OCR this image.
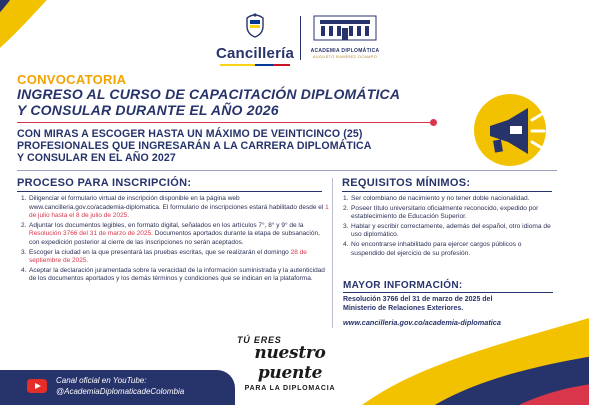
Cancillería	ACADEMIA DIPLOMÁTICA
AUGUSTO RAMÍREZ OCAMPO
CONVOCATORIA
INGRESO AL CURSO DE CAPACITACIÓN DIPLOMÁTICA
Y CONSULAR DURANTE EL AÑO 2026
CON MIRAS A ESCOGER HASTA UN MÁXIMO DE VEINTICINCO (25)
PROFESIONALES QUE INGRESARÁN A LA CARRERA DIPLOMÁTICA
Y CONSULAR EN EL AÑO 2027
PROCESO PARA INSCRIPCIÓN:	REQUISITOS MÍNIMOS:
1. Diligenciar el formulario virtual de inscripción disponible en la página web www.cancilleria.gov.co/academia-diplomatica. El formulario de inscripciones estará habilitado desde el 1 de julio hasta el 8 de julio de 2025.
2. Adjuntar los documentos legibles, en formato digital, señalados en los artículos 7°, 8° y 9° de la Resolución 3766 del 31 de marzo de 2025. Documentos aportados durante la etapa de subsanación, con expedición posterior al cierre de las inscripciones no serán aceptados.
3. Escoger la ciudad en la que presentará las pruebas escritas, que se realizarán el domingo 28 de septiembre de 2025.
4. Aceptar la declaración juramentada sobre la veracidad de la información suministrada y la autenticidad de los documentos aportados y los demás términos y condiciones que se indican en la plataforma.
1. Ser colombiano de nacimiento y no tener doble nacionalidad.
2. Poseer título universitario oficialmente reconocido, expedido por establecimiento de Educación Superior.
3. Hablar y escribir correctamente, además del español, otro idioma de uso diplomático.
4. No encontrarse inhabilitado para ejercer cargos públicos o suspendido del ejercicio de su profesión.
MAYOR INFORMACIÓN:
Resolución 3766 del 31 de marzo de 2025 del
Ministerio de Relaciones Exteriores.
www.cancilleria.gov.co/academia-diplomatica
TÚ ERES
nuestro puente
PARA LA DIPLOMACIA
Canal oficial en YouTube:
@AcademiaDiplomaticadeColombia
